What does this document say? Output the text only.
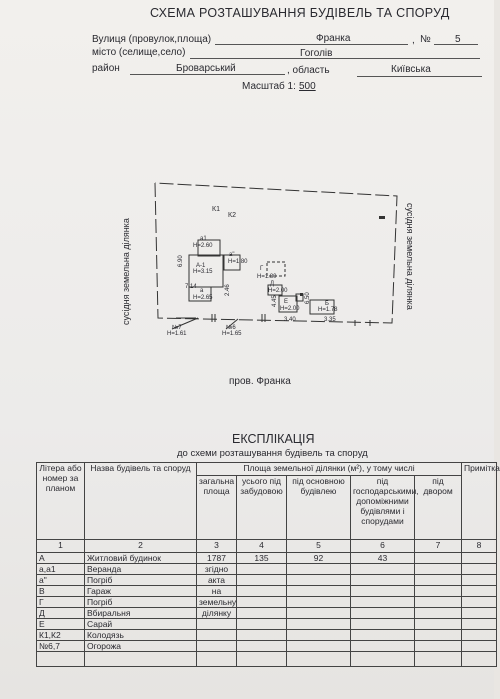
СХЕМА РОЗТАШУВАННЯ БУДІВЕЛЬ ТА СПОРУД
Вулиця (провулок,площа)	Франка	, № 5
місто (селище,село)	Гоголів
район	Броварський	, область	Київська
Масштаб 1: 500
К1
К2
а1
Н=2.60
А-1
Н=3.15
а
Н=2.65
а"
Н=1.80
Г
Н=1.80
Д
Н=2.00
Е
Н=2.00
Б
Н=1.78
6.90
7.14	2.46
4.45
3.40	3.35
6.50
№7
Н=1.61
№6
Н=1.65
сусідня земельна ділянка	сусідня земельна ділянка
пров. Франка
ЕКСПЛІКАЦІЯ
до схеми розташування будівель та споруд
Літера або номер за планом	Назва будівель та споруд	Площа земельної ділянки (м²), у тому числі					Примітка
		загальна площа	усього під забудовою	під основною будівлею	під господарськими, допоміжними будівлями і спорудами	під двором	
1	2	3	4	5	6	7	8
А	Житловий будинок	1787	135	92	43		
а,а1	Веранда	згідно					
а"	Погріб	акта					
В	Гараж	на					
Г	Погріб	земельну					
Д	Вбиральня	ділянку					
Е	Сарай						
К1,К2	Колодязь						
№6,7	Огорожа						
